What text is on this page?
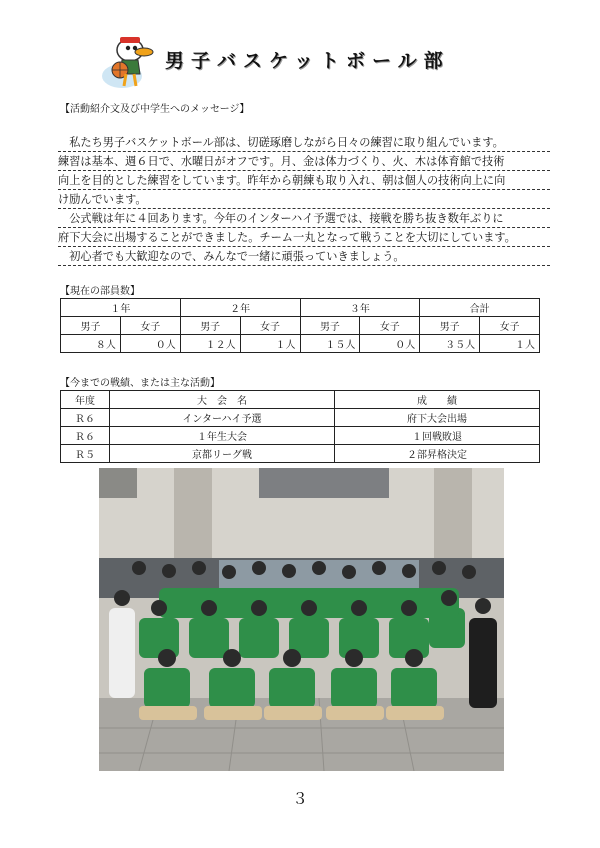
男子バスケットボール部
【活動紹介文及び中学生へのメッセージ】
　私たち男子バスケットボール部は、切磋琢磨しながら日々の練習に取り組んでいます。
練習は基本、週６日で、水曜日がオフです。月、金は体力づくり、火、木は体育館で技術
向上を目的とした練習をしています。昨年から朝練も取り入れ、朝は個人の技術向上に向
け励んでいます。
　公式戦は年に４回あります。今年のインターハイ予選では、接戦を勝ち抜き数年ぶりに
府下大会に出場することができました。チーム一丸となって戦うことを大切にしています。
　初心者でも大歓迎なので、みんなで一緒に頑張っていきましょう。
【現在の部員数】
１年		２年		３年		合計	
男子	女子	男子	女子	男子	女子	男子	女子
８人	０人	１２人	１人	１５人	０人	３５人	１人
【今までの戦績、または主な活動】
年度	大　会　名	成　　績
Ｒ６	インターハイ予選	府下大会出場
Ｒ６	１年生大会	１回戦敗退
Ｒ５	京都リーグ戦	２部昇格決定
３
